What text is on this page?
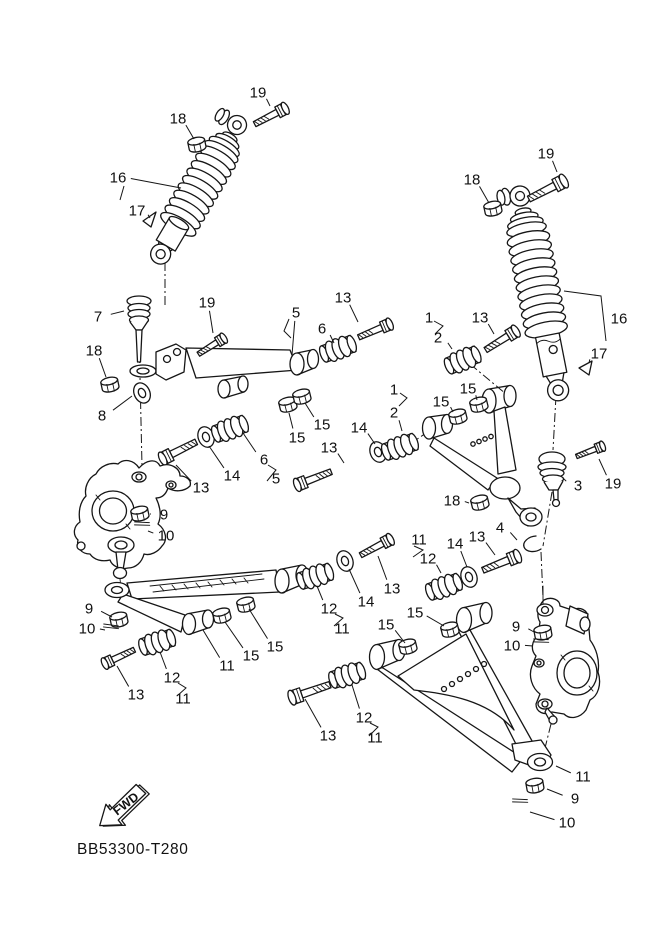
FWD
BB53300-T280
19
18
16
17
19
18
16
17
7
19
5
6
13
18
8
15
15
14
6
5
13
14
13
1
2
13
1
2
15
15
3 19
18
4
13
14
11
12
9
10
9
10
13
12
11
11
15
15
12
11
14
13
15
15	9
10
13
12
11
11
9
10
